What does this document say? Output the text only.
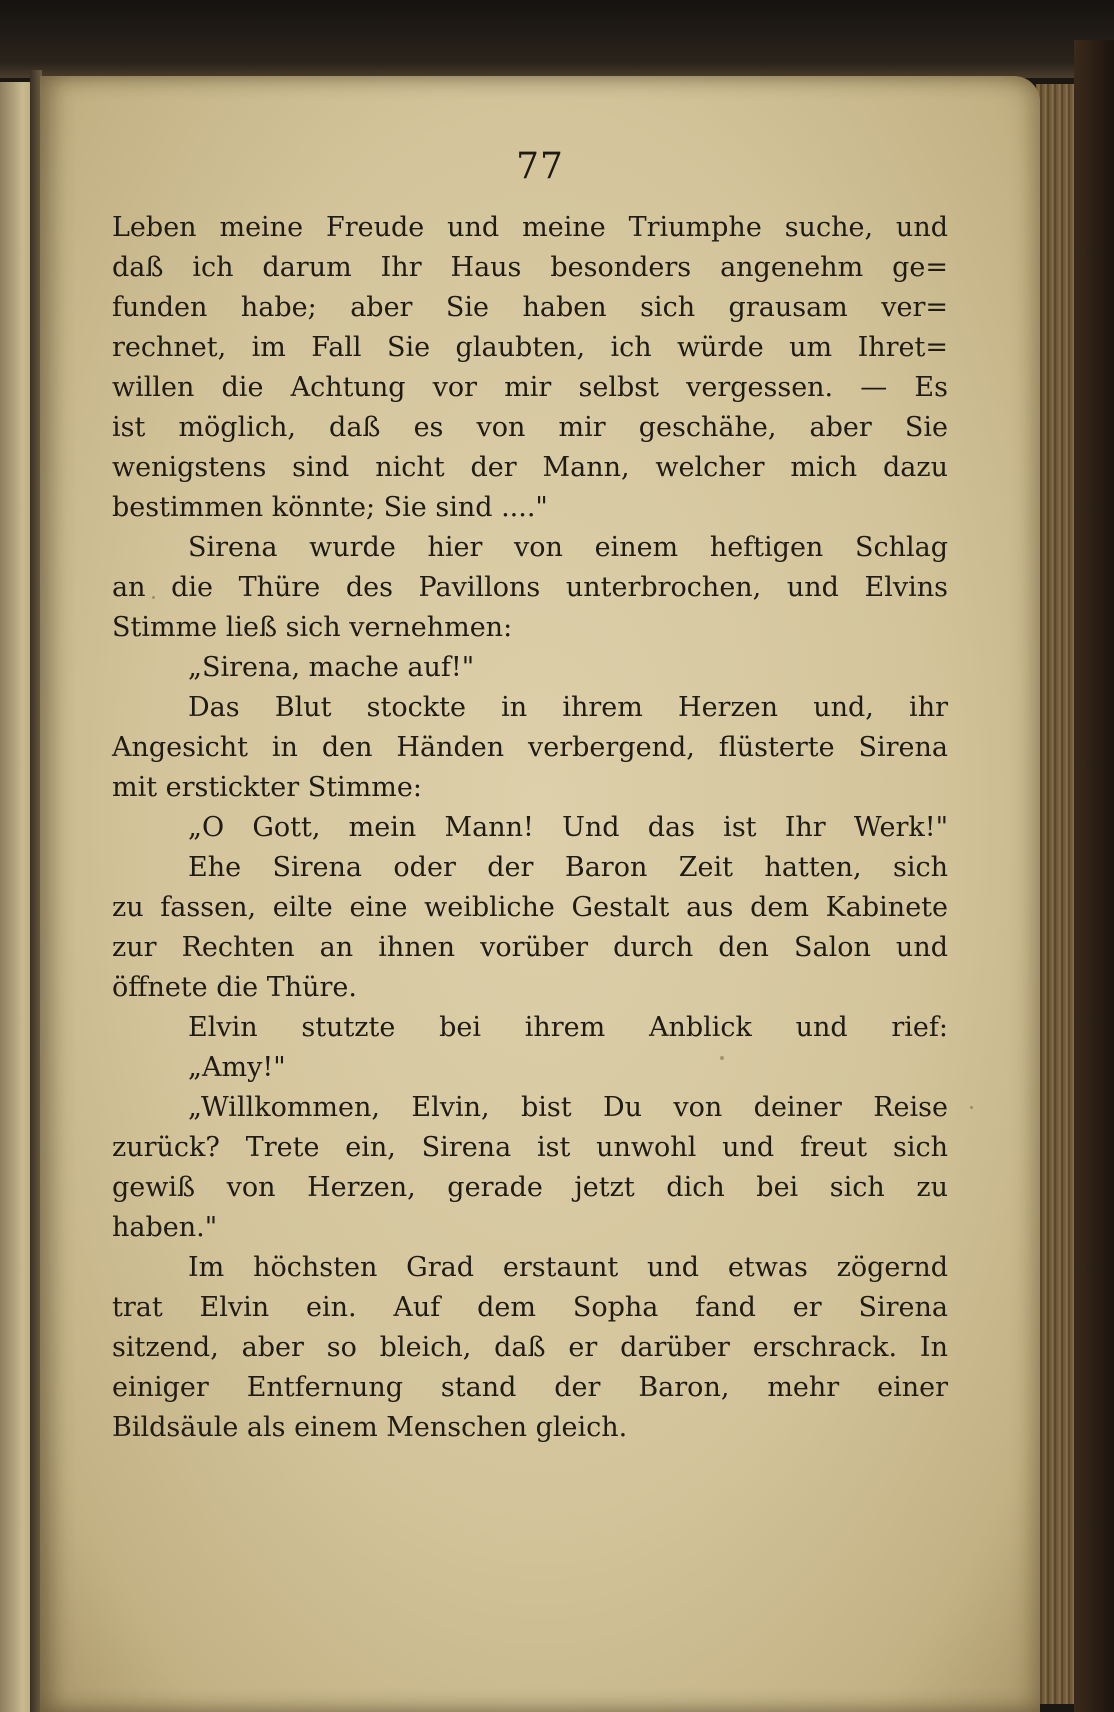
77
Leben meine Freude und meine Triumphe suche, und
daß ich darum Ihr Haus besonders angenehm ge=
funden habe; aber Sie haben sich grausam ver=
rechnet, im Fall Sie glaubten, ich würde um Ihret=
willen die Achtung vor mir selbst vergessen. — Es
ist möglich, daß es von mir geschähe, aber Sie
wenigstens sind nicht der Mann, welcher mich dazu
bestimmen könnte; Sie sind ...."
Sirena wurde hier von einem heftigen Schlag
an die Thüre des Pavillons unterbrochen, und Elvins
Stimme ließ sich vernehmen:
„Sirena, mache auf!"
Das Blut stockte in ihrem Herzen und, ihr
Angesicht in den Händen verbergend, flüsterte Sirena
mit erstickter Stimme:
„O Gott, mein Mann! Und das ist Ihr Werk!"
Ehe Sirena oder der Baron Zeit hatten, sich
zu fassen, eilte eine weibliche Gestalt aus dem Kabinete
zur Rechten an ihnen vorüber durch den Salon und
öffnete die Thüre.
Elvin stutzte bei ihrem Anblick und rief:
„Amy!"
„Willkommen, Elvin, bist Du von deiner Reise
zurück? Trete ein, Sirena ist unwohl und freut sich
gewiß von Herzen, gerade jetzt dich bei sich zu
haben."
Im höchsten Grad erstaunt und etwas zögernd
trat Elvin ein. Auf dem Sopha fand er Sirena
sitzend, aber so bleich, daß er darüber erschrack. In
einiger Entfernung stand der Baron, mehr einer
Bildsäule als einem Menschen gleich.
